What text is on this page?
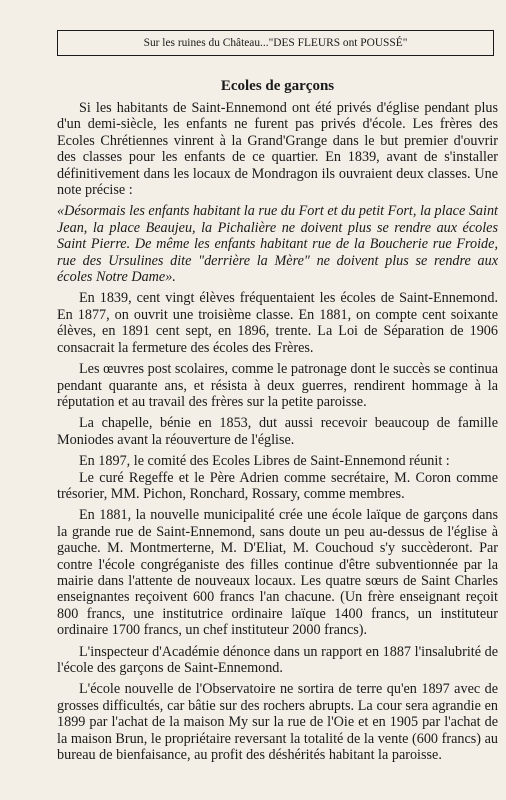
Sur les ruines du Château..."DES FLEURS ont POUSSÉ"
Ecoles de garçons

Si les habitants de Saint-Ennemond ont été privés d'église pendant plus d'un demi-siècle, les enfants ne furent pas privés d'école. Les frères des Ecoles Chrétiennes vinrent à la Grand'Grange dans le but premier d'ouvrir des classes pour les enfants de ce quartier. En 1839, avant de s'installer définitivement dans les locaux de Mondragon ils ouvraient deux classes. Une note précise :

«Désormais les enfants habitant la rue du Fort et du petit Fort, la place Saint Jean, la place Beaujeu, la Pichalière ne doivent plus se rendre aux écoles Saint Pierre. De même les enfants habitant rue de la Boucherie rue Froide, rue des Ursulines dite "derrière la Mère" ne doivent plus se rendre aux écoles Notre Dame».

En 1839, cent vingt élèves fréquentaient les écoles de Saint-Ennemond. En 1877, on ouvrit une troisième classe. En 1881, on compte cent soixante élèves, en 1891 cent sept, en 1896, trente. La Loi de Séparation de 1906 consacrait la fermeture des écoles des Frères.

Les œuvres post scolaires, comme le patronage dont le succès se continua pendant quarante ans, et résista à deux guerres, rendirent hommage à la réputation et au travail des frères sur la petite paroisse.

La chapelle, bénie en 1853, dut aussi recevoir beaucoup de famille Moniodes avant la réouverture de l'église.

En 1897, le comité des Ecoles Libres de Saint-Ennemond réunit :

Le curé Regeffe et le Père Adrien comme secrétaire, M. Coron comme trésorier, MM. Pichon, Ronchard, Rossary, comme membres.

En 1881, la nouvelle municipalité crée une école laïque de garçons dans la grande rue de Saint-Ennemond, sans doute un peu au-dessus de l'église à gauche. M. Montmerterne, M. D'Eliat, M. Couchoud s'y succèderont. Par contre l'école congréganiste des filles continue d'être subventionnée par la mairie dans l'attente de nouveaux locaux. Les quatre sœurs de Saint Charles enseignantes reçoivent 600 francs l'an chacune. (Un frère enseignant reçoit 800 francs, une institutrice ordinaire laïque 1400 francs, un instituteur ordinaire 1700 francs, un chef instituteur 2000 francs).

L'inspecteur d'Académie dénonce dans un rapport en 1887 l'insalubrité de l'école des garçons de Saint-Ennemond.

L'école nouvelle de l'Observatoire ne sortira de terre qu'en 1897 avec de grosses difficultés, car bâtie sur des rochers abrupts. La cour sera agrandie en 1899 par l'achat de la maison My sur la rue de l'Oie et en 1905 par l'achat de la maison Brun, le propriétaire reversant la totalité de la vente (600 francs) au bureau de bienfaisance, au profit des déshérités habitant la paroisse.
